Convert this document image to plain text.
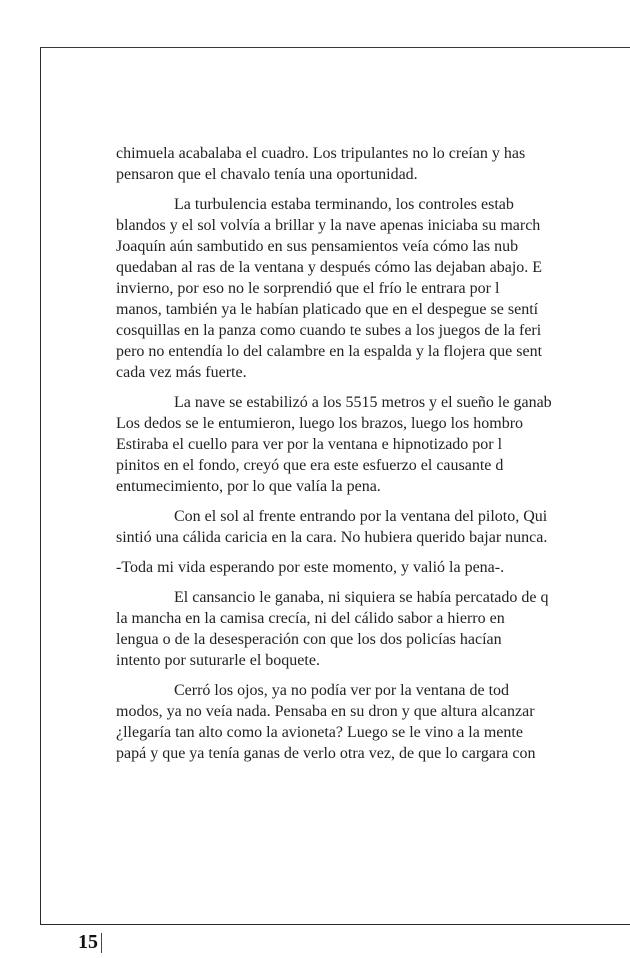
chimuela acabalaba el cuadro. Los tripulantes no lo creían y has
pensaron que el chavalo tenía una oportunidad.
La turbulencia estaba terminando, los controles estab
blandos y el sol volvía a brillar y la nave apenas iniciaba su march
Joaquín aún sambutido en sus pensamientos veía cómo las nub
quedaban al ras de la ventana y después cómo las dejaban abajo. E
invierno, por eso no le sorprendió que el frío le entrara por l
manos, también ya le habían platicado que en el despegue se sentí
cosquillas en la panza como cuando te subes a los juegos de la feri
pero no entendía lo del calambre en la espalda y la flojera que sent
cada vez más fuerte.
La nave se estabilizó a los 5515 metros y el sueño le ganab
Los dedos se le entumieron, luego los brazos, luego los hombro
Estiraba el cuello para ver por la ventana e hipnotizado por l
pinitos en el fondo, creyó que era este esfuerzo el causante d
entumecimiento, por lo que valía la pena.
Con el sol al frente entrando por la ventana del piloto, Qui
sintió una cálida caricia en la cara. No hubiera querido bajar nunca.
-Toda mi vida esperando por este momento, y valió la pena-.
El cansancio le ganaba, ni siquiera se había percatado de q
la mancha en la camisa crecía, ni del cálido sabor a hierro en
lengua o de la desesperación con que los dos policías hacían
intento por suturarle el boquete.
Cerró los ojos, ya no podía ver por la ventana de tod
modos, ya no veía nada. Pensaba en su dron y que altura alcanzar
¿llegaría tan alto como la avioneta? Luego se le vino a la mente
papá y que ya tenía ganas de verlo otra vez, de que lo cargara con
15
